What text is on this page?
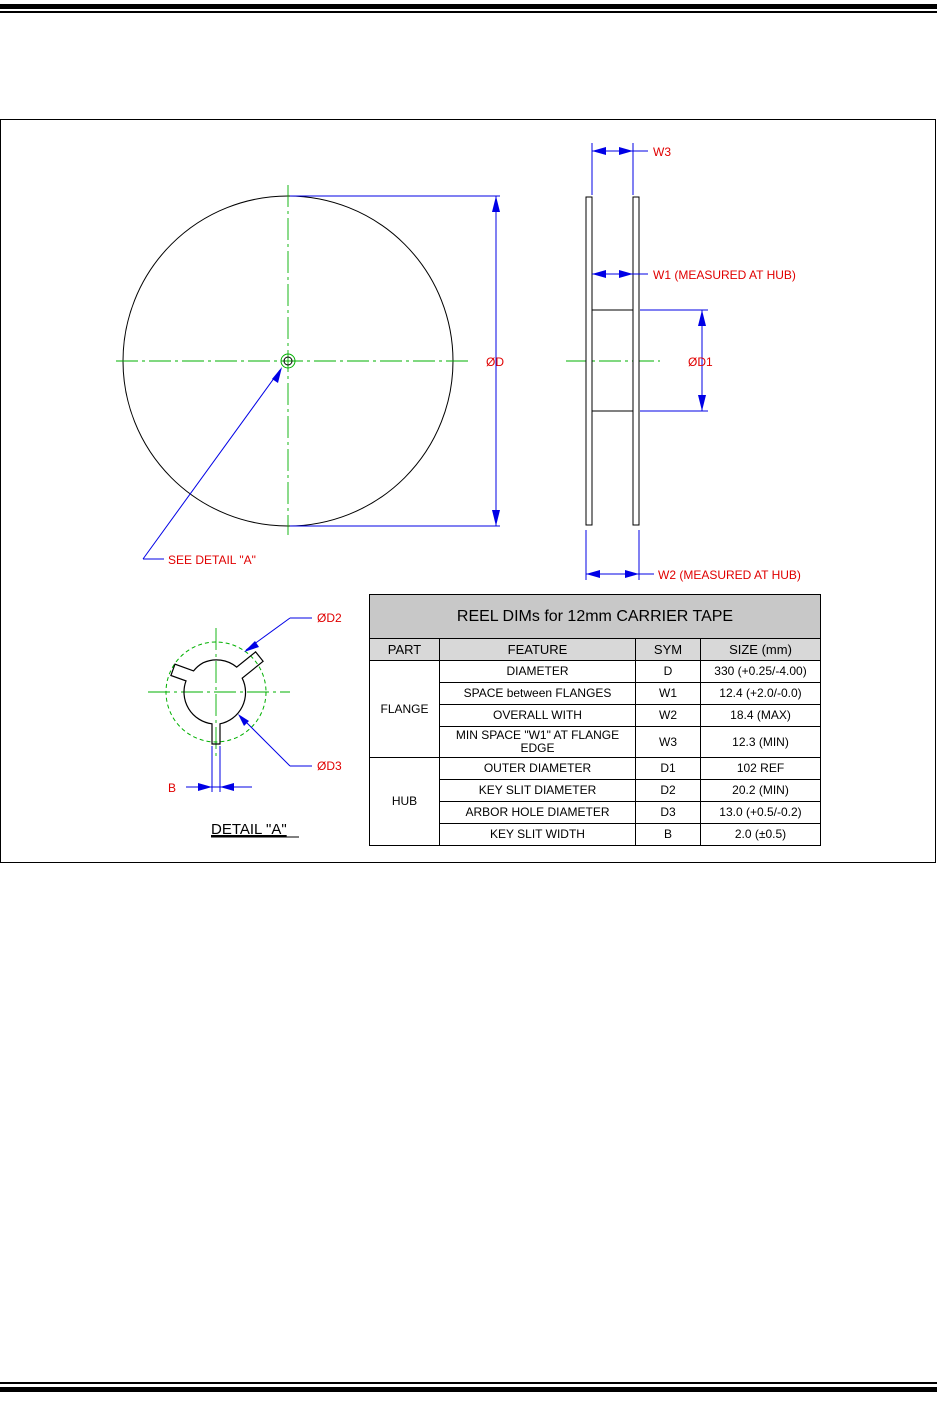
ØD
SEE DETAIL "A"
W3
W1 (MEASURED AT HUB)
ØD1
W2 (MEASURED AT HUB)
ØD2
ØD3
B
DETAIL "A"
REEL DIMs for 12mm CARRIER TAPE			
PART	FEATURE	SYM	SIZE (mm)
FLANGE	DIAMETER	D	330 (+0.25/-4.00)
	SPACE between FLANGES	W1	12.4 (+2.0/-0.0)
	OVERALL WITH	W2	18.4 (MAX)
	MIN SPACE "W1" AT FLANGE EDGE	W3	12.3 (MIN)
HUB	OUTER DIAMETER	D1	102 REF
	KEY SLIT DIAMETER	D2	20.2 (MIN)
	ARBOR HOLE DIAMETER	D3	13.0 (+0.5/-0.2)
	KEY SLIT WIDTH	B	2.0 (±0.5)
